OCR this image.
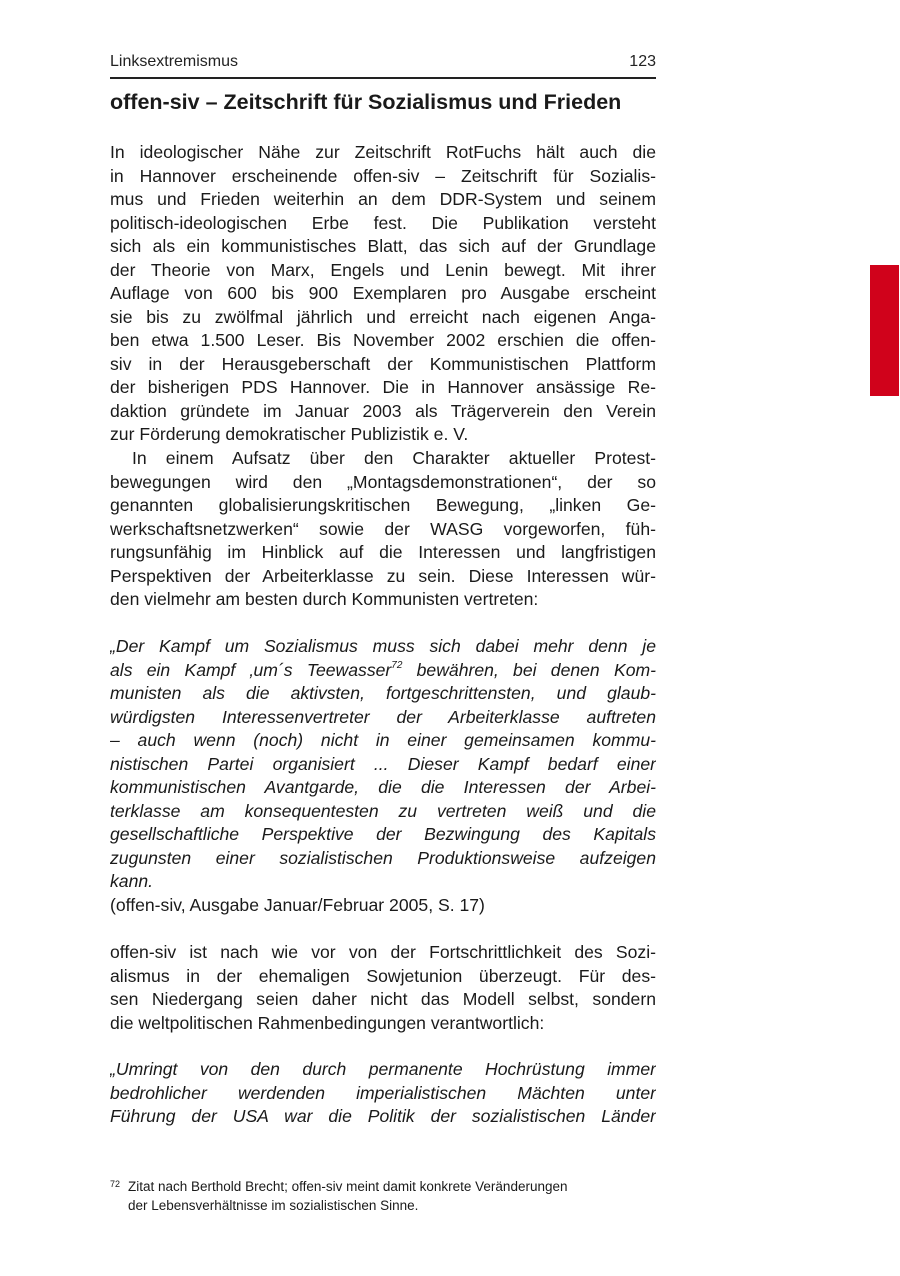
Linksextremismus	123
offen-siv – Zeitschrift für Sozialismus und Frieden
In ideologischer Nähe zur Zeitschrift RotFuchs hält auch die
in Hannover erscheinende offen-siv – Zeitschrift für Sozialis-
mus und Frieden weiterhin an dem DDR-System und seinem
politisch-ideologischen Erbe fest. Die Publikation versteht
sich als ein kommunistisches Blatt, das sich auf der Grundlage
der Theorie von Marx, Engels und Lenin bewegt. Mit ihrer
Auflage von 600 bis 900 Exemplaren pro Ausgabe erscheint
sie bis zu zwölfmal jährlich und erreicht nach eigenen Anga-
ben etwa 1.500 Leser. Bis November 2002 erschien die offen-
siv in der Herausgeberschaft der Kommunistischen Plattform
der bisherigen PDS Hannover. Die in Hannover ansässige Re-
daktion gründete im Januar 2003 als Trägerverein den Verein
zur Förderung demokratischer Publizistik e. V.
In einem Aufsatz über den Charakter aktueller Protest-
bewegungen wird den „Montagsdemonstrationen“, der so
genannten globalisierungskritischen Bewegung, „linken Ge-
werkschaftsnetzwerken“ sowie der WASG vorgeworfen, füh-
rungsunfähig im Hinblick auf die Interessen und langfristigen
Perspektiven der Arbeiterklasse zu sein. Diese Interessen wür-
den vielmehr am besten durch Kommunisten vertreten:
„Der Kampf um Sozialismus muss sich dabei mehr denn je
als ein Kampf ‚um´s Teewasser$^{72}$ bewähren, bei denen Kom-
munisten als die aktivsten, fortgeschrittensten, und glaub-
würdigsten Interessenvertreter der Arbeiterklasse auftreten
– auch wenn (noch) nicht in einer gemeinsamen kommu-
nistischen Partei organisiert ... Dieser Kampf bedarf einer
kommunistischen Avantgarde, die die Interessen der Arbei-
terklasse am konsequentesten zu vertreten weiß und die
gesellschaftliche Perspektive der Bezwingung des Kapitals
zugunsten einer sozialistischen Produktionsweise aufzeigen
kann.
(offen-siv, Ausgabe Januar/Februar 2005, S. 17)
offen-siv ist nach wie vor von der Fortschrittlichkeit des Sozi-
alismus in der ehemaligen Sowjetunion überzeugt. Für des-
sen Niedergang seien daher nicht das Modell selbst, sondern
die weltpolitischen Rahmenbedingungen verantwortlich:
„Umringt von den durch permanente Hochrüstung immer
bedrohlicher werdenden imperialistischen Mächten unter
Führung der USA war die Politik der sozialistischen Länder
72 Zitat nach Berthold Brecht; offen-siv meint damit konkrete Veränderungen
der Lebensverhältnisse im sozialistischen Sinne.
